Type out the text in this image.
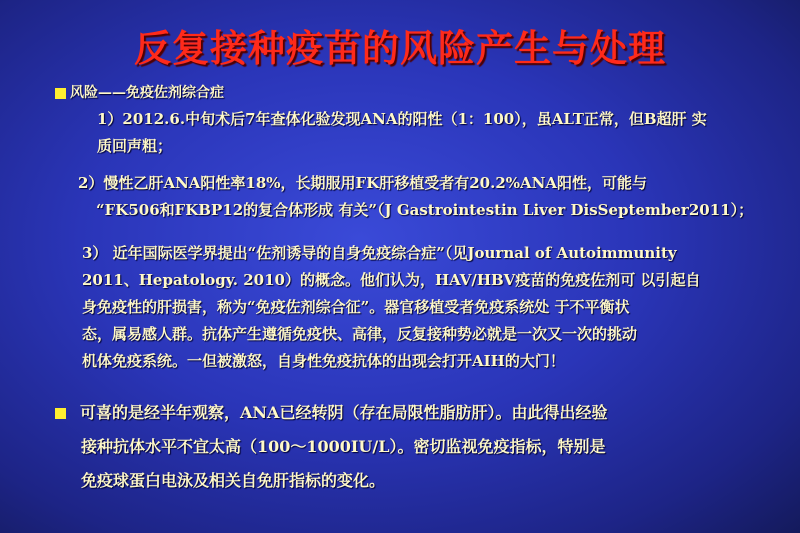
反复接种疫苗的风险产生与处理
风险——免疫佐剂综合症
1）2012.6.中旬术后7年查体化验发现ANA的阳性（1：100），虽ALT正常，但B超肝 实
质回声粗；
2）慢性乙肝ANA阳性率18%，长期服用FK肝移植受者有20.2%ANA阳性，可能与
“FK506和FKBP12的复合体形成 有关”（J Gastrointestin Liver DisSeptember2011）；
3） 近年国际医学界提出“佐剂诱导的自身免疫综合症”（见Journal of Autoimmunity
2011、Hepatology. 2010）的概念。他们认为，HAV/HBV疫苗的免疫佐剂可 以引起自
身免疫性的肝损害，称为“免疫佐剂综合征”。器官移植受者免疫系统处 于不平衡状
态，属易感人群。抗体产生遵循免疫快、高律，反复接种势必就是一次又一次的挑动
机体免疫系统。一但被激怒，自身性免疫抗体的出现会打开AIH的大门！
可喜的是经半年观察，ANA已经转阴（存在局限性脂肪肝）。由此得出经验
接种抗体水平不宜太高（100～1000IU/L）。密切监视免疫指标，特别是
免疫球蛋白电泳及相关自免肝指标的变化。
